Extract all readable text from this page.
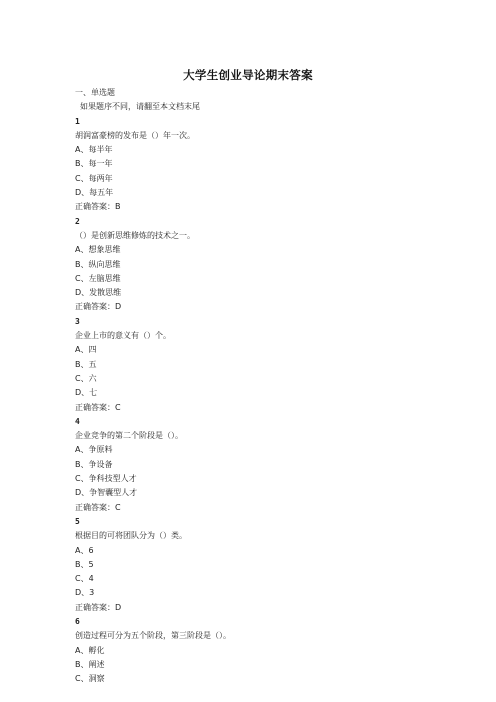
大学生创业导论期末答案
一、单选题
如果题序不同，请翻至本文档末尾
1
胡润富豪榜的发布是（）年一次。
A、每半年
B、每一年
C、每两年
D、每五年
正确答案：B
2
（）是创新思维修炼的技术之一。
A、想象思维
B、纵向思维
C、左脑思维
D、发散思维
正确答案：D
3
企业上市的意义有（）个。
A、四
B、五
C、六
D、七
正确答案：C
4
企业竞争的第二个阶段是（）。
A、争原料
B、争设备
C、争科技型人才
D、争智囊型人才
正确答案：C
5
根据目的可将团队分为（）类。
A、6
B、5
C、4
D、3
正确答案：D
6
创造过程可分为五个阶段，第三阶段是（）。
A、孵化
B、阐述
C、洞察
